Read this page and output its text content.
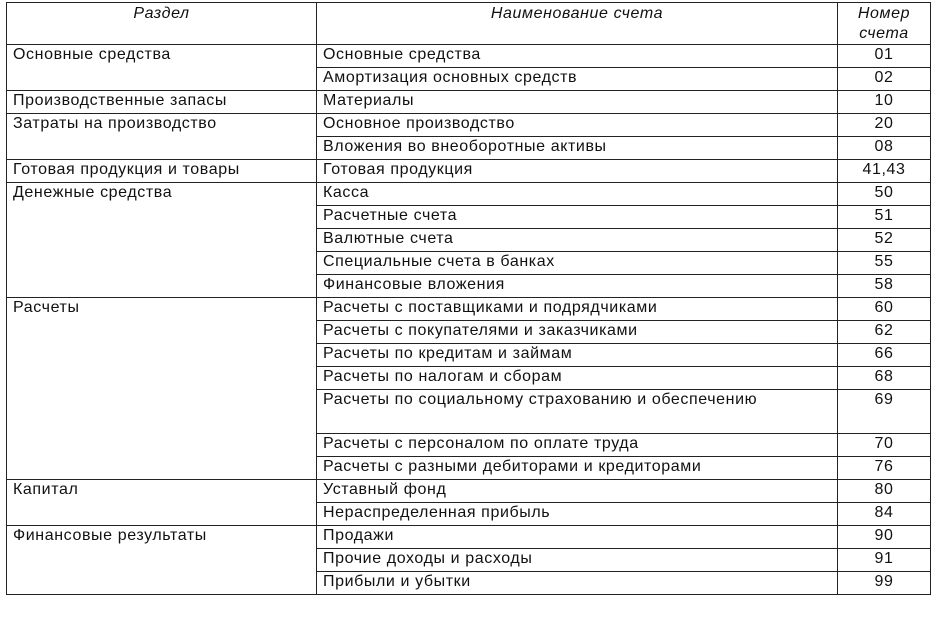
Раздел	Наименование счета	Номер счета
Основные средства	Основные средства	01
	Амортизация основных средств	02
Производственные запасы	Материалы	10
Затраты на производство	Основное производство	20
	Вложения во внеоборотные активы	08
Готовая продукция и товары	Готовая продукция	41,43
Денежные средства	Касса	50
	Расчетные счета	51
	Валютные счета	52
	Специальные счета в банках	55
	Финансовые вложения	58
Расчеты	Расчеты с поставщиками и подрядчиками	60
	Расчеты с покупателями и заказчиками	62
	Расчеты по кредитам и займам	66
	Расчеты по налогам и сборам	68
	Расчеты по социальному страхованию и обеспечению	69
	Расчеты с персоналом по оплате труда	70
	Расчеты с разными дебиторами и кредиторами	76
Капитал	Уставный фонд	80
	Нераспределенная прибыль	84
Финансовые результаты	Продажи	90
	Прочие доходы и расходы	91
	Прибыли и убытки	99
